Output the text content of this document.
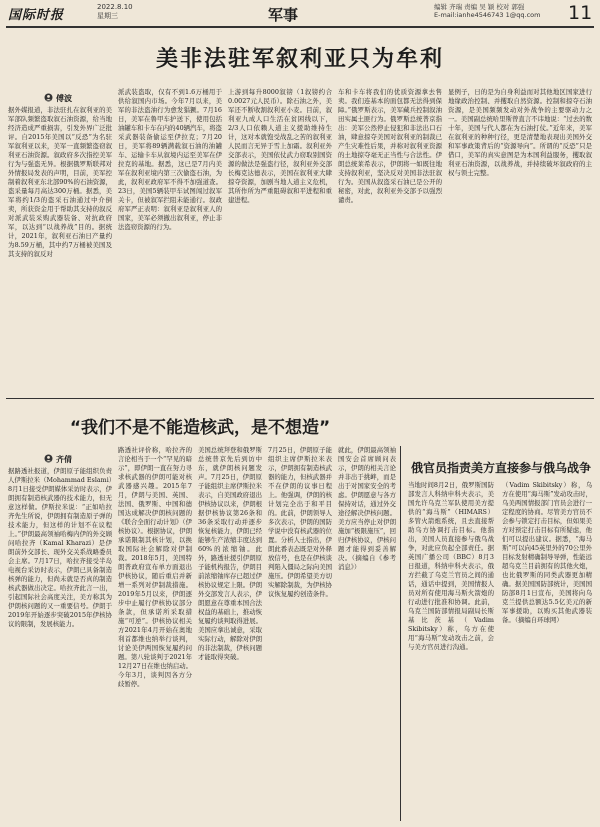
国际时报
2022.8.10
星期三	军事	编辑 齐瑞 责编 吴 颖 校对 郭强
E-mail:ianhe4546743 1@qq.com 11
美非法驻军叙利亚只为牟利
傅波
据外媒报道，非法驻扎在叙利亚的美军部队频繁盗取叙石油资源，给当地经济造成严重损害，引发外界广泛批评。自2015年美国以“反恐”为名驻军叙利亚以来，美军一直频繁盗窃叙利亚石油资源。叙政府多次指控美军行为与强盗无异。根据俄罗斯联邦对外情报局发表的声明，目前，美军控制着叙利亚东北部90%的石油资源，盗采量每月高达300万桶。据悉，美军将约1/3的盗采石油通过中介倒卖，所获资金用于帮助其支持的叙反对派武装采购武器装备、对抗政府军，以达到“以战养战”目的。据统计，2021年，叙利亚石油日产量约为8.59万桶，其中约7万桶被美国及其支持的叙反对
派武装盗取，仅有不到1.6万桶用于供给叙国内市场。今年7月以来，美军的非法盗油行为愈发猖獗。7月16日，美军在鲁甲车护送下，使用包括油罐车和卡车在内的40辆汽车，将盗采武器装备偷运至伊拉克；7月20日，美军将89辆满载叙石油的油罐车、运输卡车从叙境内运至美军在伊拉克的基地。据悉，这已是7月内美军在叙利亚境内第三次偷盗石油，为此，叙利亚政府军不得不加强道查。23日，美国5辆装甲车试图闯过叙军关卡，但被叙军拦阻未能通行。叙政府军严正表明：叙利亚是叙利亚人的国家，美军必须撤出叙利亚，停止非法盗窃资源的行为。
上游到每升8000叙镑（1叙镑约合0.0027元人民币）。除石油之外，美军还不断收割叙利亚小麦。目前，叙利亚九成人口生活在贫困线以下，2/3人口依赖人道主义援助维持生计，这对本就饱受战乱之苦的叙利亚人民而言无异于雪上加霜。叙利亚外交部表示，美国依仗武力窃取别国资源的做法是强盗行径，叙利亚外交部长梅克达德表示，美国在叙利亚大肆掠夺资源，加剧当地人道主义危机，其所作所为严重阻碍叙和平进程和重建进程。
车和卡车将我们的优质资源拿去售卖。我们连基本的面包都无法得到保障。”俄罗斯表示，美军藏兵控制叙油田实属土匪行为。俄罗斯总统普京指出：美军公然停止侵犯和非法出口石油，肆意掠夺美国对叙利亚的制裁已产生灾难性后果，并称对叙利亚资源的土地掠夺毫无正当性与合法性。伊朗总统莱希表示，伊朗将一如既往地支持叙利亚，坚决反对美国非法驻叙行为。美国从叙盗采石油已是公开的秘密，对此，叙利亚外交部予以强烈谴责。
显例子，日的是为自身利益而对其他地区国家进行地缘政治控制、并攫取自然资源。控制和掠夺石油资源，是美国频频发动对外战争的主要驱动力之一。美国副总统哈里斯曾直言不讳地说：“过去的数十年，美国与代人都在为石油打仗。”近年来，美军在叙利亚的种种行径，更是清楚地表现出美国外交和军事政策背后的“资源导向”。所谓的“反恐”只是借口，美军的真实意图是为本国利益服务，攫取叙利亚石油资源，以战养战，并持续破坏叙政府的主权与领土完整。
“我们不是不能造核武，是不想造”
齐倩
据路透社报道，伊朗原子能组织负责人伊斯拉米（Mohammad Eslami）8月1日接受伊朗媒体采访时表示，伊朗拥有制造核武器的技术能力，但无意这样做。伊斯拉米说：“正如哈拉齐先生所说，伊朗拥有制造原子弹的技术能力，但这样的计划不在议程上。”伊朗最高领袖哈梅内伊的外交顾问哈拉齐（Kamal Kharazi）是伊朗前外交部长、现外交关系战略委员会主席。7月17日，哈拉齐接受半岛电视台采访时表示，伊朗已具备制造核弹的能力，但尚未就是否真的制造核武器做出决定。哈拉齐此言一出，引起国际社会高度关注，美方称其为伊朗核问题的又一重要信号。伊朗于2019年开始逐步突破2015年伊核协议的限制，发展核能力。
路透社评价称，哈拉齐的言论相当于一个“罕见的暗示”，即伊朗一直在努力寻求核武器的伊朗可能对核武器感兴趣。2015年7月，伊朗与美国、英国、法国、俄罗斯、中国和德国达成解决伊朗核问题的《联合全面行动计划》（伊核协议）。根据协议，伊朗承诺限制其核计划，以换取国际社会解除对伊制裁。2018年5月，美国特朗普政府宣布单方面退出伊核协议，随后重启并新增一系列对伊制裁措施。2019年5月以来，伊朗逐步中止履行伊核协议部分条款，但承诺所采取措施“可逆”。伊核协议相关方2021年4月开始在奥地利首都维也纳举行谈判，讨论美伊两国恢复履约问题。第八轮谈判于2021年12月27日在维也纳启动。今年3月，谈判因各方分歧暂停。
美国总统拜登和俄罗斯总统普京先后到访中东，就伊朗核问题发声。7月25日，伊朗原子能组织主席伊斯拉米表示，自美国政府退出伊核协议以来，伊朗根据伊核协议第26条和36条采取行动并逐步恢复核能力，伊朗已经能够生产浓缩丰度达到60%的浓缩铀。此外，路透社援引伊朗原子能机构报告，伊朗目前浓缩铀库存已超过伊核协议规定上限。伊朗外交部发言人表示，伊朗愿意在尊重本国合法权益的基础上，推动恢复履约谈判取得进展。美国应拿出诚意，采取实际行动，解除对伊朗的非法制裁，伊核问题才能取得突破。
7月25日，伊朗原子能组织主席伊斯拉米表示，伊朗拥有制造核武器的能力，但核武器并不在伊朗的议事日程上。他强调，伊朗的核计划完全出于和平目的。此前，伊朗领导人多次表示，伊朗的国防学说中没有核武器的位置。分析人士指出，伊朗此番表态既是对外释放信号，也是在伊核谈判陷入僵局之际向美国施压。伊朗希望美方切实解除制裁，为伊核协议恢复履约创造条件。
就此，伊朗最高领袖国安会首席顾问表示，伊朗的相关言论并非出于挑衅，而是出于对国家安全的考虑。伊朗愿意与各方保持对话，通过外交途径解决伊核问题。美方应当停止对伊朗施加“极限施压”，回归伊核协议，伊核问题才能得到妥善解决。（摘编自《参考消息》）
俄官员指责美方直接参与俄乌战争
当地时间8月2日，俄罗斯国防部发言人科纳申科夫表示，美国允许乌克兰军队使用美方提供的“海马斯”（HIMARS）多管火箭炮系统，且去直接帮助乌方协调打击目标。他指出，美国人员直接参与俄乌战争，对此应负起全部责任。据英国广播公司（BBC）8月3日报道，科纳申科夫表示，俄方拦截了乌克兰官员之间的通话，通话中提到，美国情报人员对所有使用海马斯火箭炮的行动进行批准和协调。此前，乌克兰国防部情报局副局长斯基比茨基（Vadim Skibitsky）称，乌方在使用“海马斯”发动攻击之前，会与美方官员进行沟通。
（Vadim Skibitsky）称，乌方在使用“海马斯”发动攻击时，乌美两国情报部门官员会进行一定程度的协商。尽管美方官员不会参与锁定打击目标，但如果美方对预定打击目标有所疑虑，他们可以提出建议。据悉，“海马斯”可以向45英里外的70公里外目标发射精确制导导弹，性能远超乌克兰目前拥有的其他火炮，也比俄罗斯的同类武器更加精确。据美国国防部统计，美国国防部8月1日宣布，美国将向乌克兰提供总额达5.5亿美元的新军事援助，以购买其他武器装备。（摘编自环球网）
